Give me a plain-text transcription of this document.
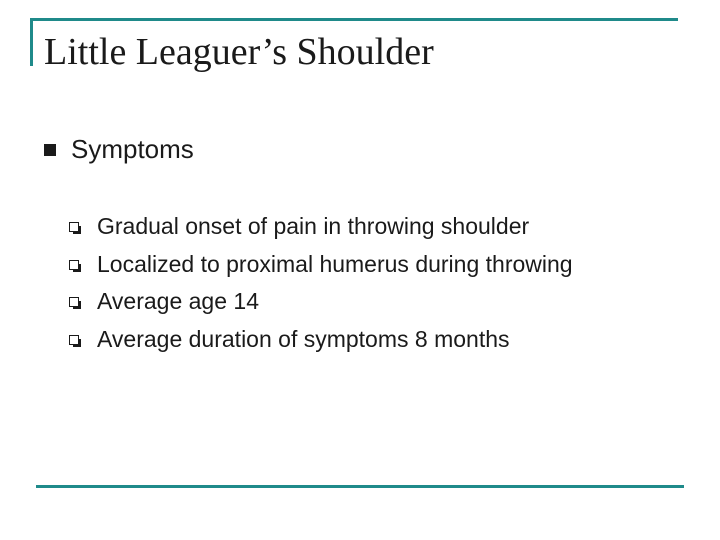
Little Leaguer’s Shoulder
Symptoms
Gradual onset of pain in throwing shoulder
Localized to proximal humerus during throwing
Average age 14
Average duration of symptoms 8 months
